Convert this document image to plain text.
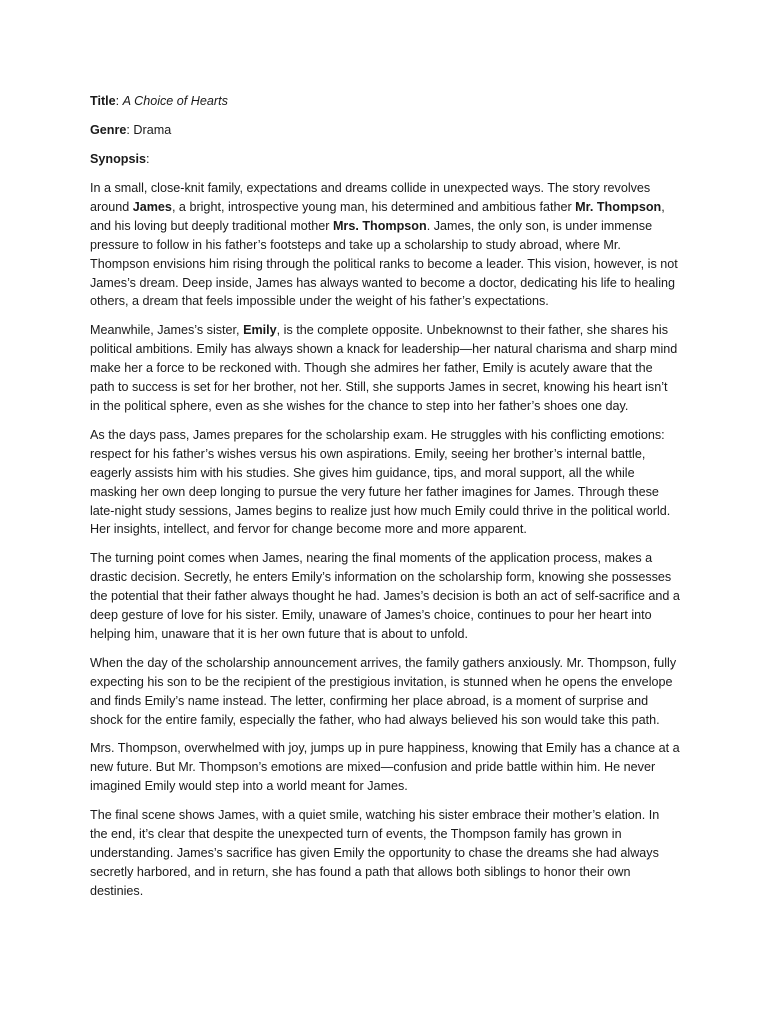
Title: A Choice of Hearts
Genre: Drama
Synopsis:

In a small, close-knit family, expectations and dreams collide in unexpected ways. The story revolves around James, a bright, introspective young man, his determined and ambitious father Mr. Thompson, and his loving but deeply traditional mother Mrs. Thompson. James, the only son, is under immense pressure to follow in his father’s footsteps and take up a scholarship to study abroad, where Mr. Thompson envisions him rising through the political ranks to become a leader. This vision, however, is not James’s dream. Deep inside, James has always wanted to become a doctor, dedicating his life to healing others, a dream that feels impossible under the weight of his father’s expectations.

Meanwhile, James’s sister, Emily, is the complete opposite. Unbeknownst to their father, she shares his political ambitions. Emily has always shown a knack for leadership—her natural charisma and sharp mind make her a force to be reckoned with. Though she admires her father, Emily is acutely aware that the path to success is set for her brother, not her. Still, she supports James in secret, knowing his heart isn’t in the political sphere, even as she wishes for the chance to step into her father’s shoes one day.

As the days pass, James prepares for the scholarship exam. He struggles with his conflicting emotions: respect for his father’s wishes versus his own aspirations. Emily, seeing her brother’s internal battle, eagerly assists him with his studies. She gives him guidance, tips, and moral support, all the while masking her own deep longing to pursue the very future her father imagines for James. Through these late-night study sessions, James begins to realize just how much Emily could thrive in the political world. Her insights, intellect, and fervor for change become more and more apparent.

The turning point comes when James, nearing the final moments of the application process, makes a drastic decision. Secretly, he enters Emily’s information on the scholarship form, knowing she possesses the potential that their father always thought he had. James’s decision is both an act of self-sacrifice and a deep gesture of love for his sister. Emily, unaware of James’s choice, continues to pour her heart into helping him, unaware that it is her own future that is about to unfold.

When the day of the scholarship announcement arrives, the family gathers anxiously. Mr. Thompson, fully expecting his son to be the recipient of the prestigious invitation, is stunned when he opens the envelope and finds Emily’s name instead. The letter, confirming her place abroad, is a moment of surprise and shock for the entire family, especially the father, who had always believed his son would take this path.

Mrs. Thompson, overwhelmed with joy, jumps up in pure happiness, knowing that Emily has a chance at a new future. But Mr. Thompson’s emotions are mixed—confusion and pride battle within him. He never imagined Emily would step into a world meant for James.

The final scene shows James, with a quiet smile, watching his sister embrace their mother’s elation. In the end, it’s clear that despite the unexpected turn of events, the Thompson family has grown in understanding. James’s sacrifice has given Emily the opportunity to chase the dreams she had always secretly harbored, and in return, she has found a path that allows both siblings to honor their own destinies.
